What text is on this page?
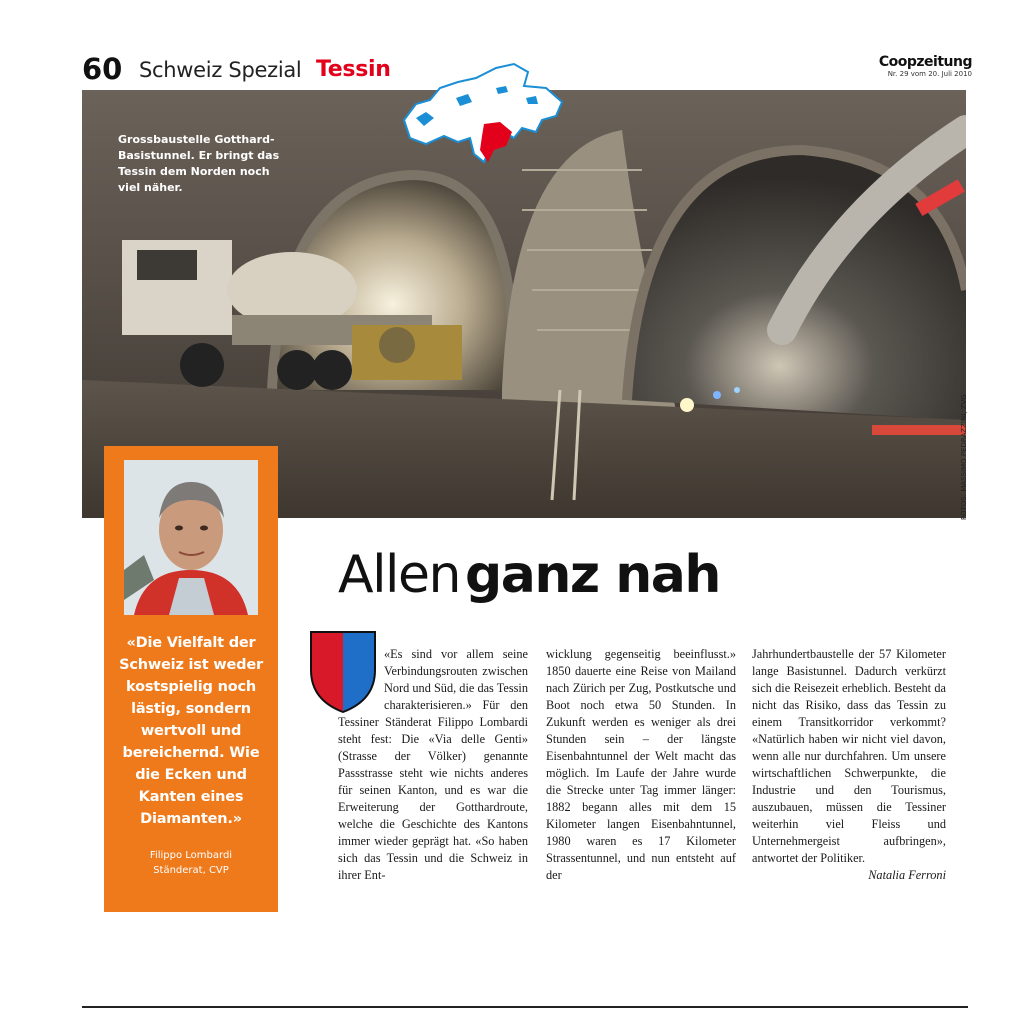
60 Schweiz Spezial Tessin	Coopzeitung
Nr. 29 vom 20. Juli 2010
Grossbaustelle Gotthard-Basistunnel. Er bringt das Tessin dem Norden noch viel näher.
FOTOS: MASSIMO PEDRAZZINI, ZVG
«Die Vielfalt der Schweiz ist weder kostspielig noch lästig, sondern wertvoll und bereichernd. Wie die Ecken und Kanten eines Diamanten.»
Filippo Lombardi
Ständerat, CVP
Allen ganz nah

«Es sind vor allem seine Verbindungsrouten zwischen Nord und Süd, die das Tessin charakterisieren.» Für den Tessiner Ständerat Filippo Lombardi steht fest: Die «Via delle Genti» (Strasse der Völker) genannte Passstrasse steht wie nichts anderes für seinen Kanton, und es war die Erweiterung der Gotthardroute, welche die Geschichte des Kantons immer wieder geprägt hat. «So haben sich das Tessin und die Schweiz in ihrer Ent-

wicklung gegenseitig beeinflusst.» 1850 dauerte eine Reise von Mailand nach Zürich per Zug, Postkutsche und Boot noch etwa 50 Stunden. In Zukunft werden es weniger als drei Stunden sein – der längste Eisenbahntunnel der Welt macht das möglich. Im Laufe der Jahre wurde die Strecke unter Tag immer länger: 1882 begann alles mit dem 15 Kilometer langen Eisenbahntunnel, 1980 waren es 17 Kilometer Strassentunnel, und nun entsteht auf der

Jahrhundertbaustelle der 57 Kilometer lange Basistunnel. Dadurch verkürzt sich die Reisezeit erheblich. Besteht da nicht das Risiko, dass das Tessin zu einem Transitkorridor verkommt? «Natürlich haben wir nicht viel davon, wenn alle nur durchfahren. Um unsere wirtschaftlichen Schwerpunkte, die Industrie und den Tourismus, auszubauen, müssen die Tessiner weiterhin viel Fleiss und Unternehmergeist aufbringen», antwortet der Politiker.

Natalia Ferroni
